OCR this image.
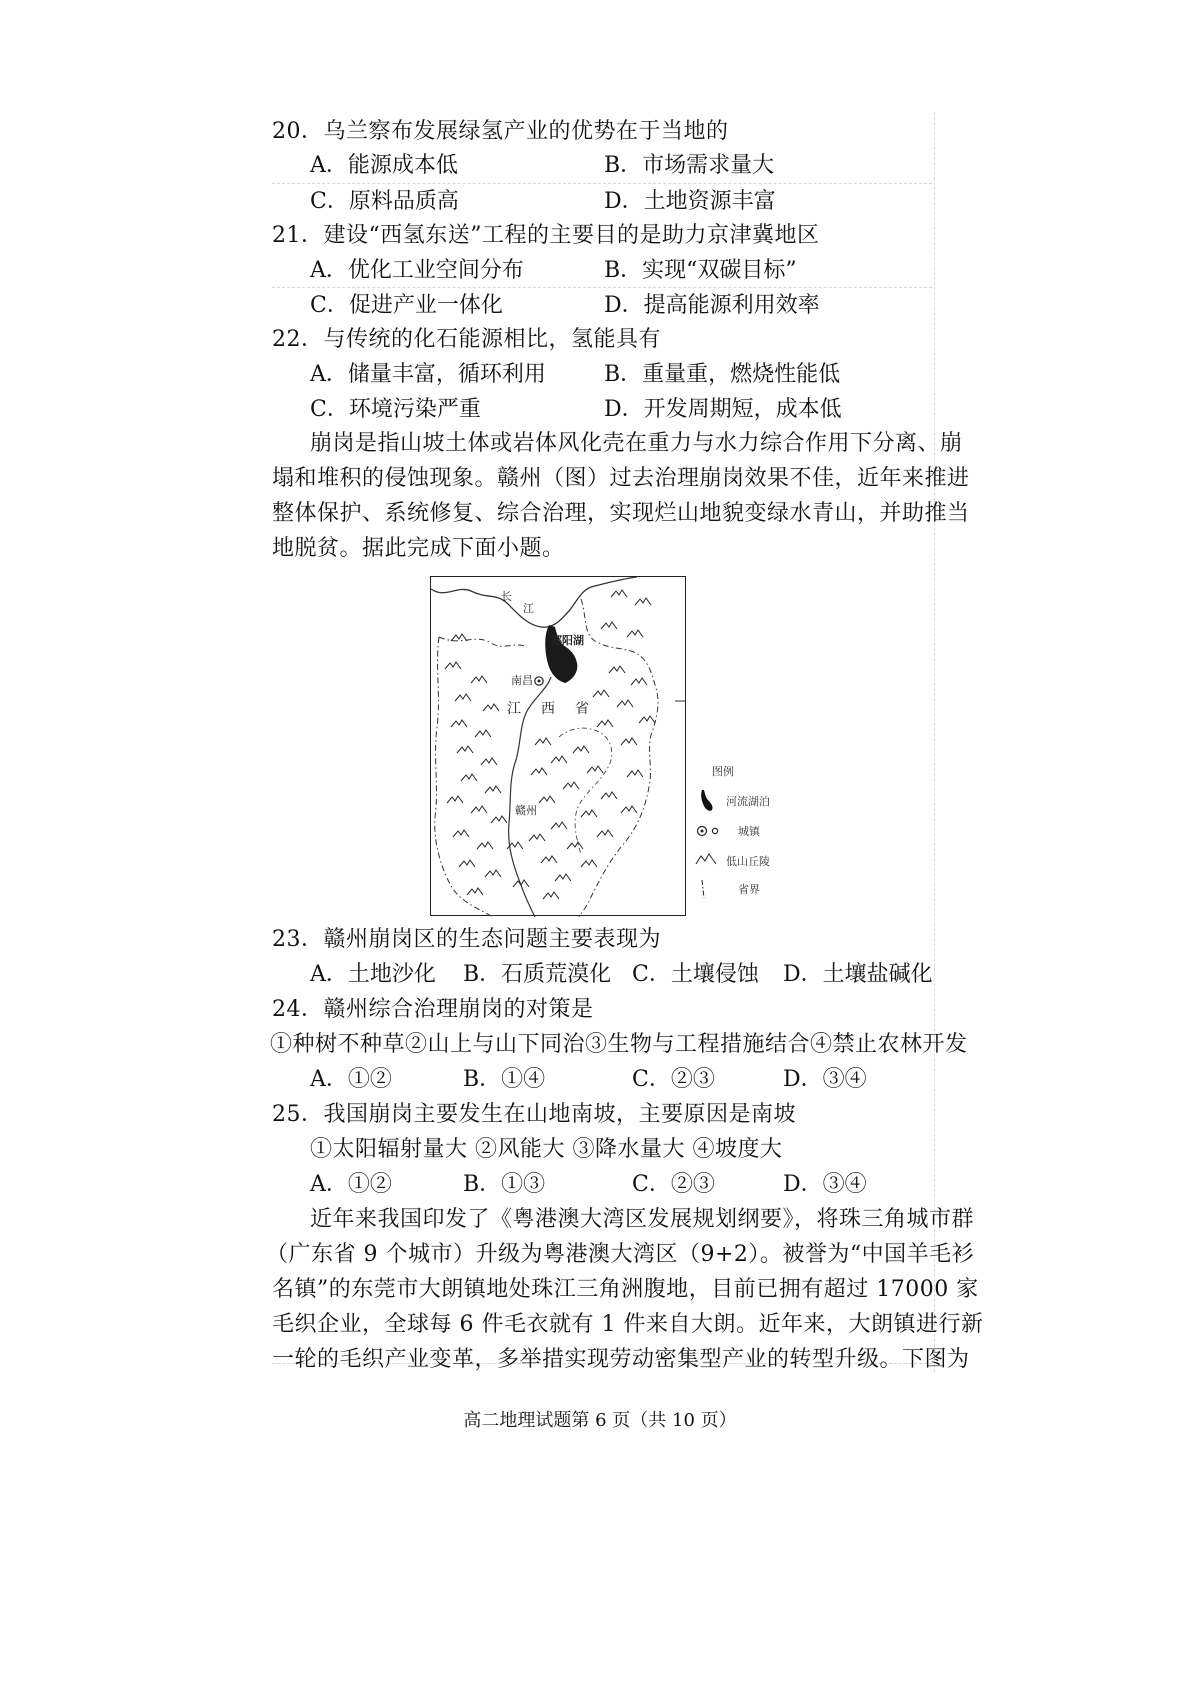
20．乌兰察布发展绿氢产业的优势在于当地的
A．能源成本低	B．市场需求量大
C．原料品质高	D．土地资源丰富
21．建设“西氢东送”工程的主要目的是助力京津冀地区
A．优化工业空间分布	B．实现“双碳目标”
C．促进产业一体化	D．提高能源利用效率
22．与传统的化石能源相比，氢能具有
A．储量丰富，循环利用	B．重量重，燃烧性能低
C．环境污染严重	D．开发周期短，成本低
崩岗是指山坡土体或岩体风化壳在重力与水力综合作用下分离、崩
塌和堆积的侵蚀现象。赣州（图）过去治理崩岗效果不佳，近年来推进
整体保护、系统修复、综合治理，实现烂山地貌变绿水青山，并助推当
地脱贫。据此完成下面小题。
长
江
鄱阳湖
南昌
江 西 省
赣州
图例
河流湖泊
城镇
低山丘陵
省界
23．赣州崩岗区的生态问题主要表现为
A．土地沙化 B．石质荒漠化 C．土壤侵蚀 D．土壤盐碱化
24．赣州综合治理崩岗的对策是
①种树不种草②山上与山下同治③生物与工程措施结合④禁止农林开发
A．①②	B．①④	C．②③	D．③④
25．我国崩岗主要发生在山地南坡，主要原因是南坡
①太阳辐射量大 ②风能大 ③降水量大 ④坡度大
A．①②	B．①③	C．②③	D．③④
近年来我国印发了《粤港澳大湾区发展规划纲要》，将珠三角城市群
（广东省 9 个城市）升级为粤港澳大湾区（9+2）。被誉为“中国羊毛衫
名镇”的东莞市大朗镇地处珠江三角洲腹地，目前已拥有超过 17000 家
毛织企业，全球每 6 件毛衣就有 1 件来自大朗。近年来，大朗镇进行新
一轮的毛织产业变革，多举措实现劳动密集型产业的转型升级。下图为
高二地理试题第 6 页（共 10 页）
